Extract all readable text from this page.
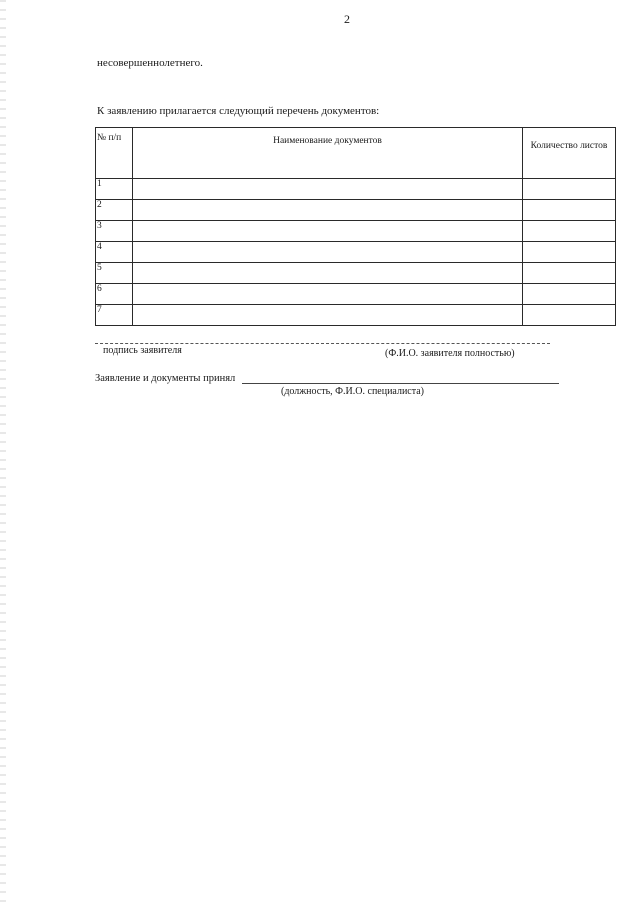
2
несовершеннолетнего.
К заявлению прилагается следующий перечень документов:
№ п/п	Наименование документов	Количество листов
1		
2		
3		
4		
5		
6		
7		
подпись заявителя	(Ф.И.О. заявителя полностью)
Заявление и документы принял
(должность, Ф.И.О. специалиста)
